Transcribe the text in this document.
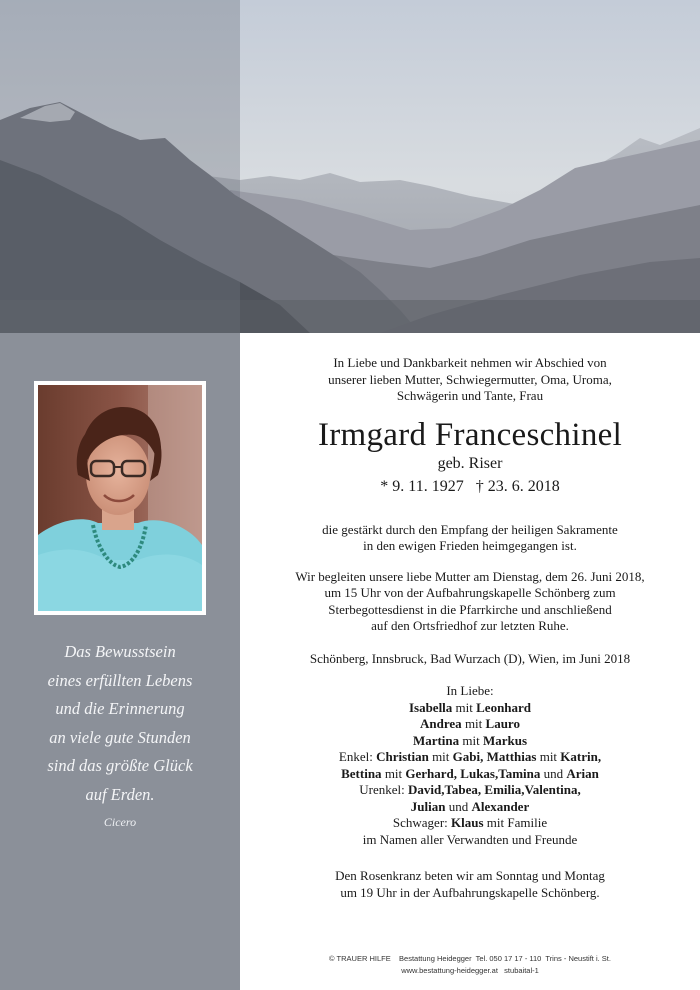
Das Bewusstsein
eines erfüllten Lebens
und die Erinnerung
an viele gute Stunden
sind das größte Glück
auf Erden.
Cicero
In Liebe und Dankbarkeit nehmen wir Abschied von
unserer lieben Mutter, Schwiegermutter, Oma, Uroma,
Schwägerin und Tante, Frau
Irmgard Franceschinel
geb. Riser
* 9. 11. 1927   † 23. 6. 2018
die gestärkt durch den Empfang der heiligen Sakramente
in den ewigen Frieden heimgegangen ist.
Wir begleiten unsere liebe Mutter am Dienstag, dem 26. Juni 2018,
um 15 Uhr von der Aufbahrungskapelle Schönberg zum
Sterbegottesdienst in die Pfarrkirche und anschließend
auf den Ortsfriedhof zur letzten Ruhe.
Schönberg, Innsbruck, Bad Wurzach (D), Wien, im Juni 2018
In Liebe:
Isabella mit Leonhard
Andrea mit Lauro
Martina mit Markus
Enkel: Christian mit Gabi, Matthias mit Katrin,
Bettina mit Gerhard, Lukas,Tamina und Arian
Urenkel: David,Tabea, Emilia,Valentina,
Julian und Alexander
Schwager: Klaus mit Familie
im Namen aller Verwandten und Freunde
Den Rosenkranz beten wir am Sonntag und Montag
um 19 Uhr in der Aufbahrungskapelle Schönberg.
© TRAUER HILFE    Bestattung Heidegger  Tel. 050 17 17 - 110  Trins - Neustift i. St.
www.bestattung-heidegger.at   stubaital-1
